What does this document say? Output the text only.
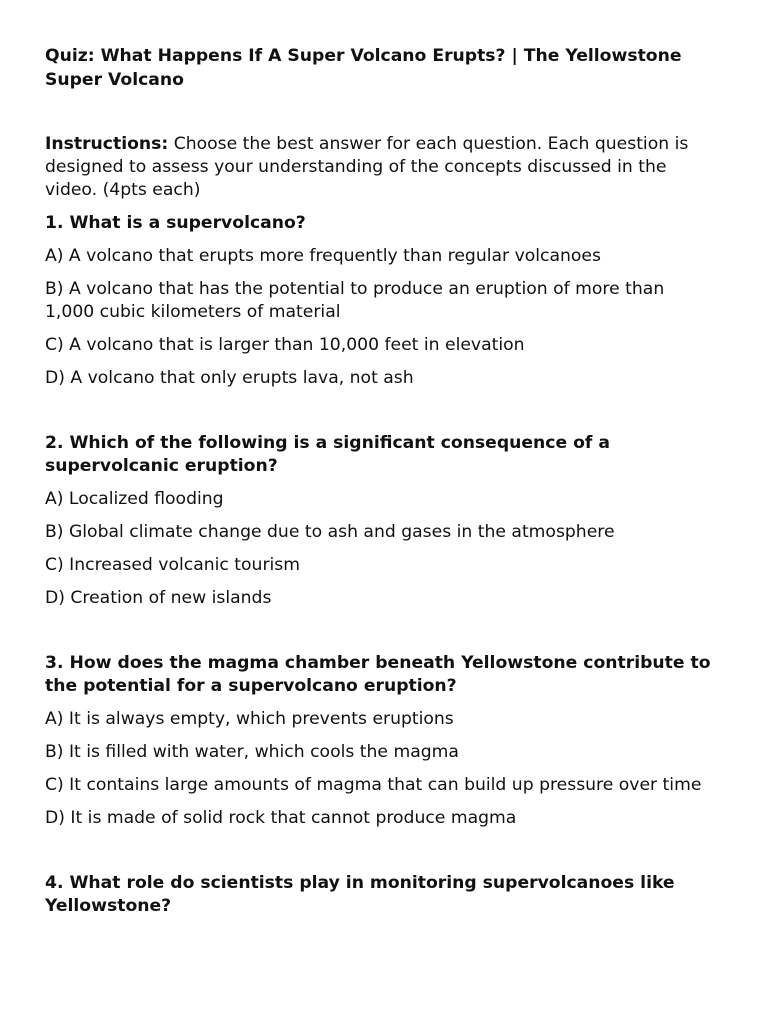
Quiz: What Happens If A Super Volcano Erupts? | The Yellowstone Super Volcano
Instructions: Choose the best answer for each question. Each question is designed to assess your understanding of the concepts discussed in the video. (4pts each)
1. What is a supervolcano?
A) A volcano that erupts more frequently than regular volcanoes
B) A volcano that has the potential to produce an eruption of more than 1,000 cubic kilometers of material
C) A volcano that is larger than 10,000 feet in elevation
D) A volcano that only erupts lava, not ash
2. Which of the following is a significant consequence of a supervolcanic eruption?
A) Localized flooding
B) Global climate change due to ash and gases in the atmosphere
C) Increased volcanic tourism
D) Creation of new islands
3. How does the magma chamber beneath Yellowstone contribute to the potential for a supervolcano eruption?
A) It is always empty, which prevents eruptions
B) It is filled with water, which cools the magma
C) It contains large amounts of magma that can build up pressure over time
D) It is made of solid rock that cannot produce magma
4. What role do scientists play in monitoring supervolcanoes like Yellowstone?
